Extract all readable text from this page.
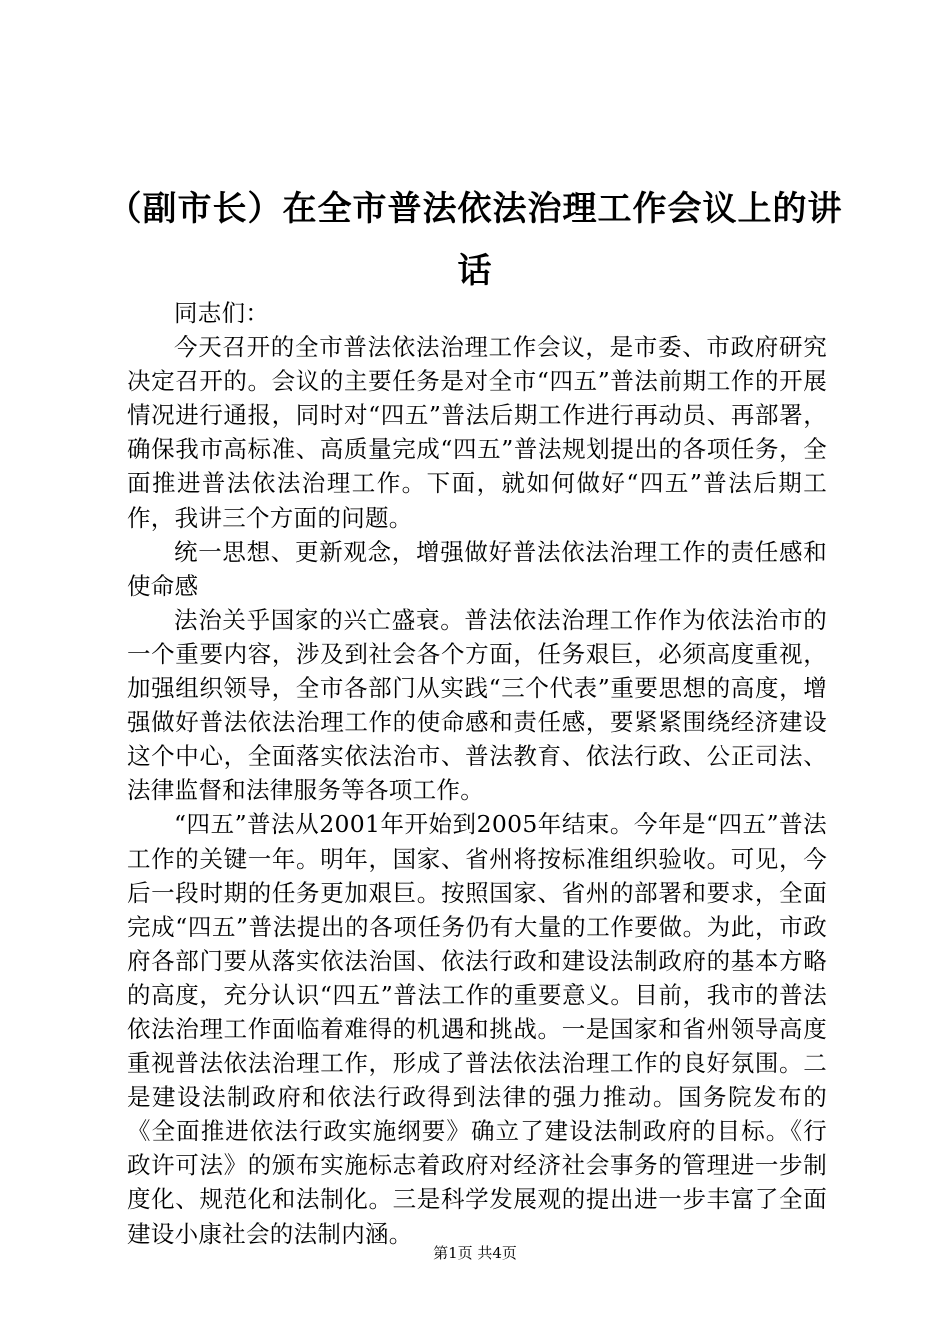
（副市长）在全市普法依法治理工作会议上的讲话

同志们：

今天召开的全市普法依法治理工作会议，是市委、市政府研究决定召开的。会议的主要任务是对全市“四五”普法前期工作的开展情况进行通报，同时对“四五”普法后期工作进行再动员、再部署，确保我市高标准、高质量完成“四五”普法规划提出的各项任务，全面推进普法依法治理工作。下面，就如何做好“四五”普法后期工作，我讲三个方面的问题。

统一思想、更新观念，增强做好普法依法治理工作的责任感和使命感

法治关乎国家的兴亡盛衰。普法依法治理工作作为依法治市的一个重要内容，涉及到社会各个方面，任务艰巨，必须高度重视，加强组织领导，全市各部门从实践“三个代表”重要思想的高度，增强做好普法依法治理工作的使命感和责任感，要紧紧围绕经济建设这个中心，全面落实依法治市、普法教育、依法行政、公正司法、法律监督和法律服务等各项工作。

“四五”普法从2001年开始到2005年结束。今年是“四五”普法工作的关键一年。明年，国家、省州将按标准组织验收。可见，今后一段时期的任务更加艰巨。按照国家、省州的部署和要求，全面完成“四五”普法提出的各项任务仍有大量的工作要做。为此，市政府各部门要从落实依法治国、依法行政和建设法制政府的基本方略的高度，充分认识“四五”普法工作的重要意义。目前，我市的普法依法治理工作面临着难得的机遇和挑战。一是国家和省州领导高度重视普法依法治理工作，形成了普法依法治理工作的良好氛围。二是建设法制政府和依法行政得到法律的强力推动。国务院发布的《全面推进依法行政实施纲要》确立了建设法制政府的目标。《行政许可法》的颁布实施标志着政府对经济社会事务的管理进一步制度化、规范化和法制化。三是科学发展观的提出进一步丰富了全面建设小康社会的法制内涵。

第1页 共4页
